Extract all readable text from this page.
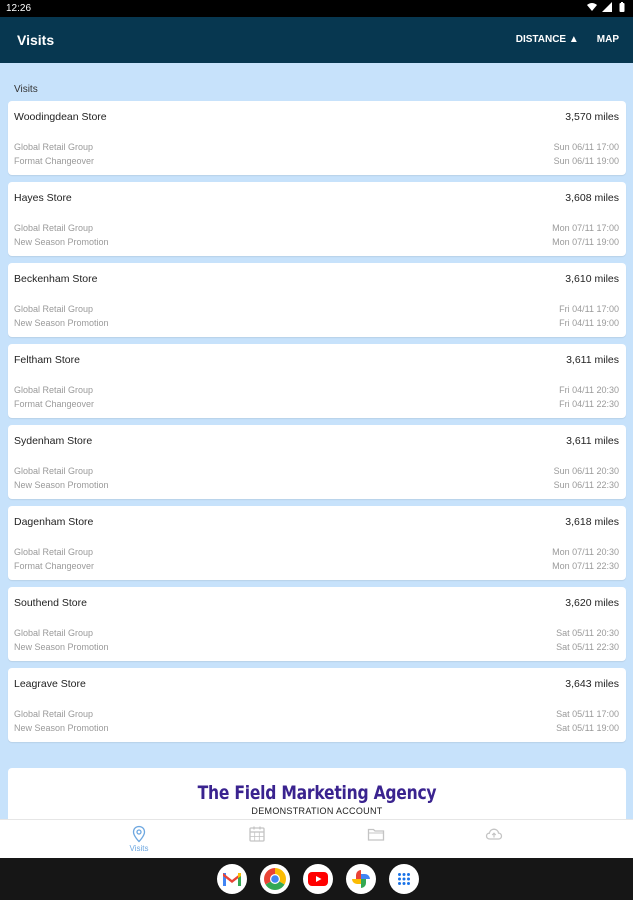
12:26
Visits	DISTANCE ▲ MAP
Visits
Woodingdean Store	3,570 miles
Global Retail Group
Format Changeover
Sun 06/11 17:00
Sun 06/11 19:00
Hayes Store	3,608 miles
Global Retail Group
New Season Promotion
Mon 07/11 17:00
Mon 07/11 19:00
Beckenham Store	3,610 miles
Global Retail Group
New Season Promotion
Fri 04/11 17:00
Fri 04/11 19:00
Feltham Store	3,611 miles
Global Retail Group
Format Changeover
Fri 04/11 20:30
Fri 04/11 22:30
Sydenham Store	3,611 miles
Global Retail Group
New Season Promotion
Sun 06/11 20:30
Sun 06/11 22:30
Dagenham Store	3,618 miles
Global Retail Group
Format Changeover
Mon 07/11 20:30
Mon 07/11 22:30
Southend Store	3,620 miles
Global Retail Group
New Season Promotion
Sat 05/11 20:30
Sat 05/11 22:30
Leagrave Store	3,643 miles
Global Retail Group
New Season Promotion
Sat 05/11 17:00
Sat 05/11 19:00
The Field Marketing Agency
DEMONSTRATION ACCOUNT
Visits
